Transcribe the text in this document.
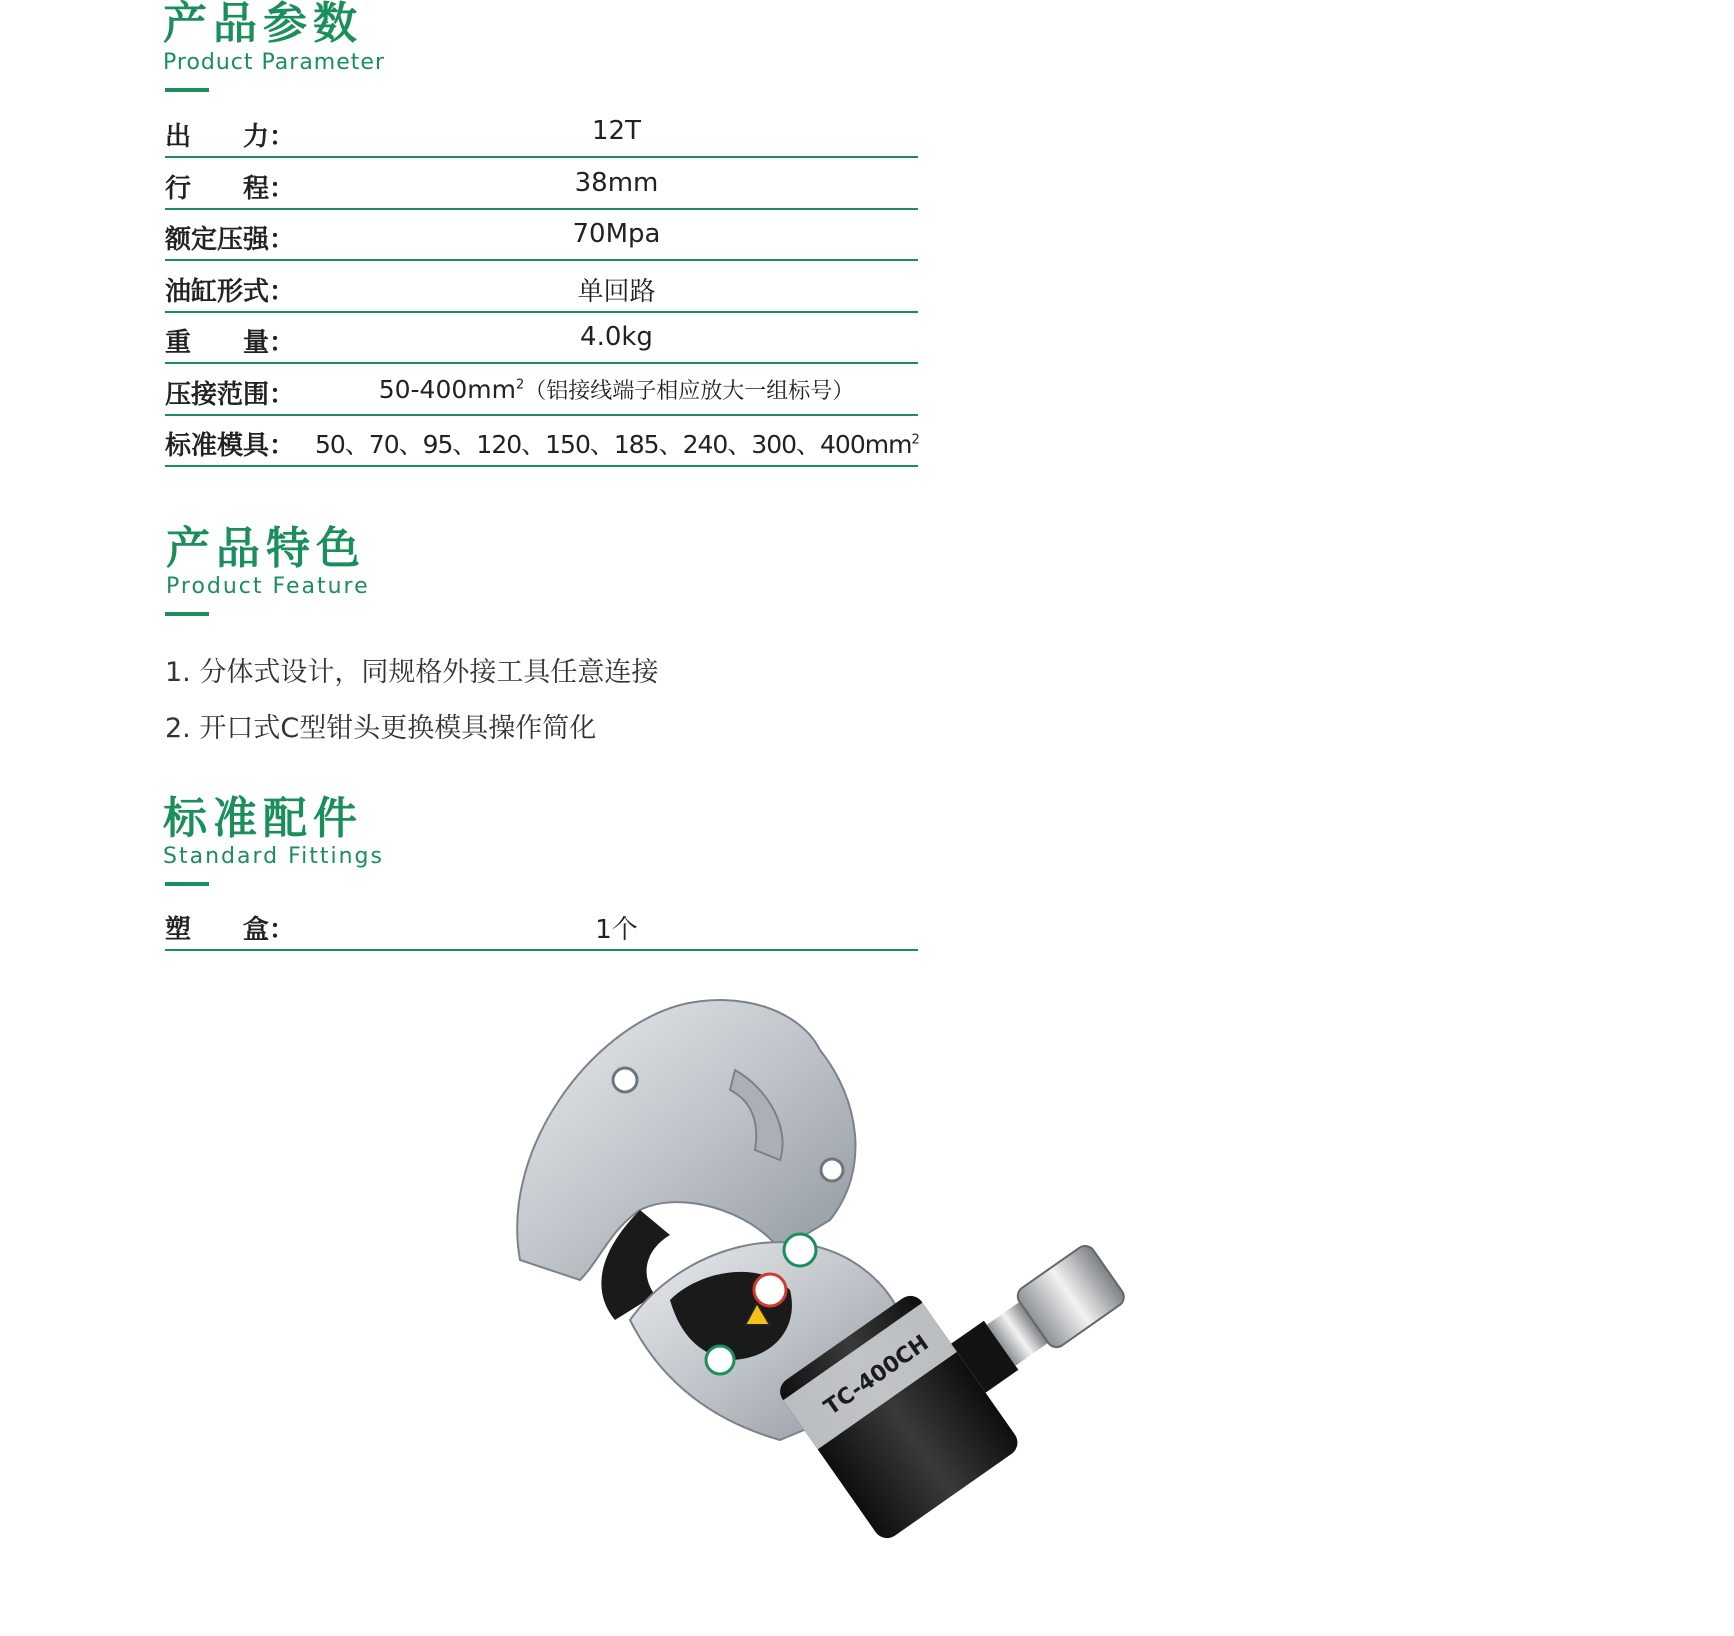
产品参数
Product Parameter
出　　力：	12T
行　　程：	38mm
额定压强：	70Mpa
油缸形式：	单回路
重　　量：	4.0kg
压接范围：	$50-400mm^2$（铝接线端子相应放大一组标号）
标准模具： 50、70、95、120、150、185、240、300、$400mm^2$
产品特色
Product Feature
1. 分体式设计，同规格外接工具任意连接
2. 开口式C型钳头更换模具操作简化
标准配件
Standard Fittings
塑　　盒：	1个
TC-400CH
